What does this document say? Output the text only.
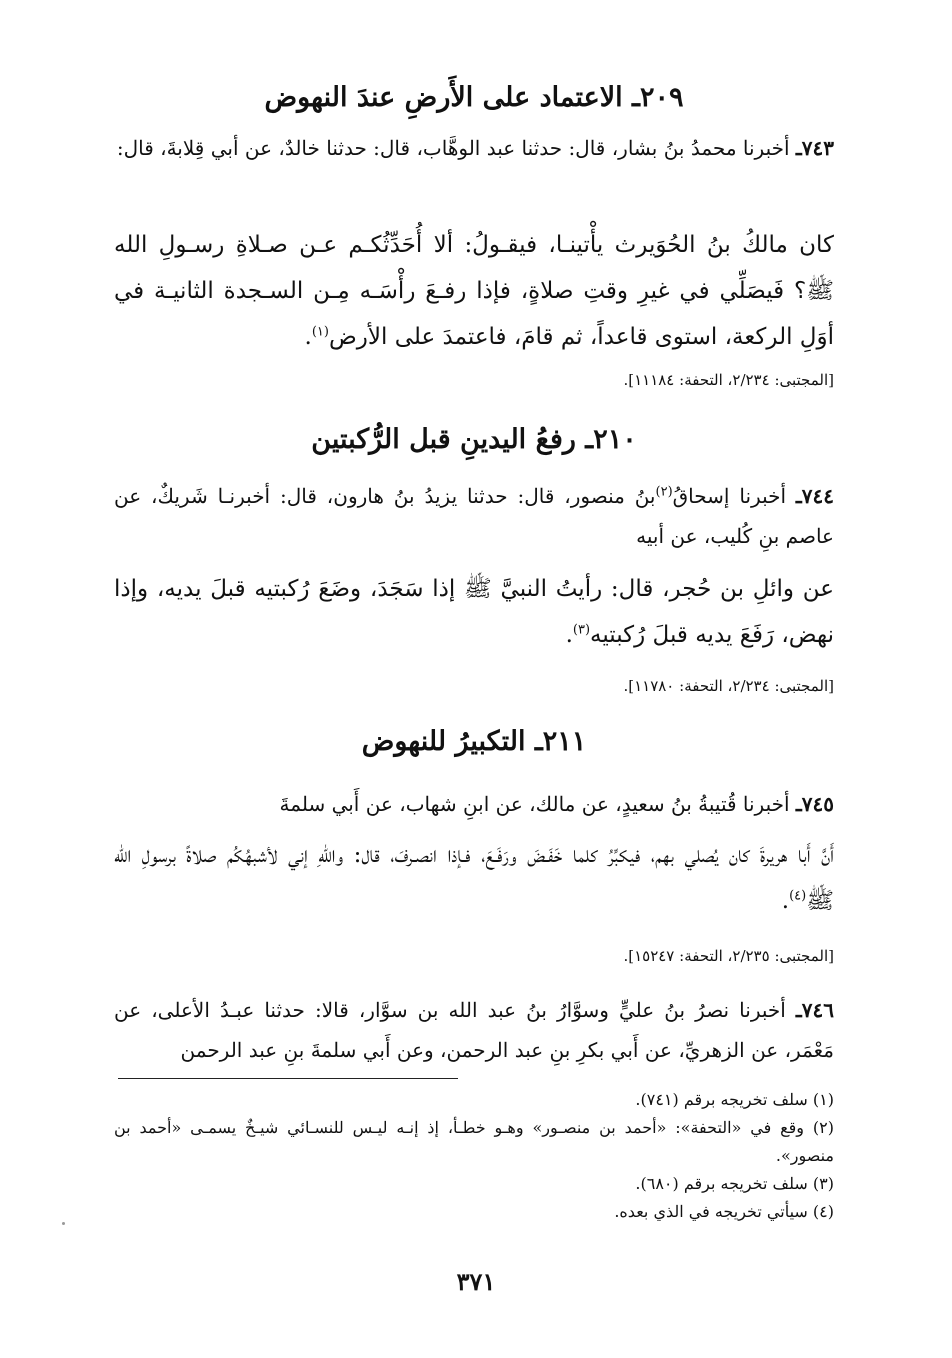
٢٠٩ـ الاعتماد على الأَرضِ عندَ النهوض
٧٤٣ـ أخبرنا محمدُ بنُ بشار، قال: حدثنا عبد الوهَّاب، قال: حدثنا خالدٌ، عن أبي قِلابةَ، قال:
كان مالكُ بنُ الحُوَيرث يأْتينـا، فيقـولُ: ألا أُحَدِّثُكـم عـن صـلاةِ رسـولِ الله ﷺ؟ فَيصَلِّي في غيرِ وقتِ صلاةٍ، فإذا رفـعَ رأْسَـه مِـن السـجدة الثانيـة في أوَلِ الركعة، استوى قاعداً، ثم قامَ، فاعتمدَ على الأرض$^{(١)}$.
[المجتبى: ٢/٢٣٤، التحفة: ١١١٨٤].
٢١٠ـ رفعُ اليدينِ قبل الرُّكبتين
٧٤٤ـ أخبرنا إسحاقُ$^{(٢)}$بنُ منصور، قال: حدثنا يزيدُ بنُ هارون، قال: أخبرنـا شَريكٌ، عن عاصم بنِ كُليب، عن أبيه
عن وائلِ بن حُجر، قال: رأيتُ النبيَّ ﷺ إذا سَجَدَ، وضَعَ رُكبتيه قبلَ يديه، وإذا نهض، رَفَعَ يديه قبلَ رُكبتيه$^{(٣)}$.
[المجتبى: ٢/٢٣٤، التحفة: ١١٧٨٠].
٢١١ـ التكبيرُ للنهوض
٧٤٥ـ أخبرنا قُتيبةُ بنُ سعيدٍ، عن مالك، عن ابنِ شهاب، عن أَبي سلمةَ
أَنَّ أَبا هريرةَ كان يُصلي بهم، فيكبِّرُ كلما خَفَـضَ ورَفَـعَ، فـإذا انصـرفَ، قال: واللهِ إني لأشبهُكُم صلاةً برسولِ الله ﷺ$^{(٤)}$.
[المجتبى: ٢/٢٣٥، التحفة: ١٥٢٤٧].
٧٤٦ـ أخبرنا نصرُ بنُ عليٍّ وسوَّارُ بنُ عبد الله بن سوَّار، قالا: حدثنا عبـدُ الأعلى، عن مَعْمَر، عن الزهريِّ، عن أَبي بكرِ بنِ عبد الرحمن، وعن أَبي سلمةَ بنِ عبد الرحمن

(١) سلف تخريجه برقم (٧٤١).

(٢) وقع في «التحفة»: «أحمد بن منصـور» وهـو خطـأ، إذ إنـه ليـس للنسـائي شيـخٌ يسمـى «أحمد بن منصور».

(٣) سلف تخريجه برقم (٦٨٠).

(٤) سيأتي تخريجه في الذي بعده.

٣٧١
